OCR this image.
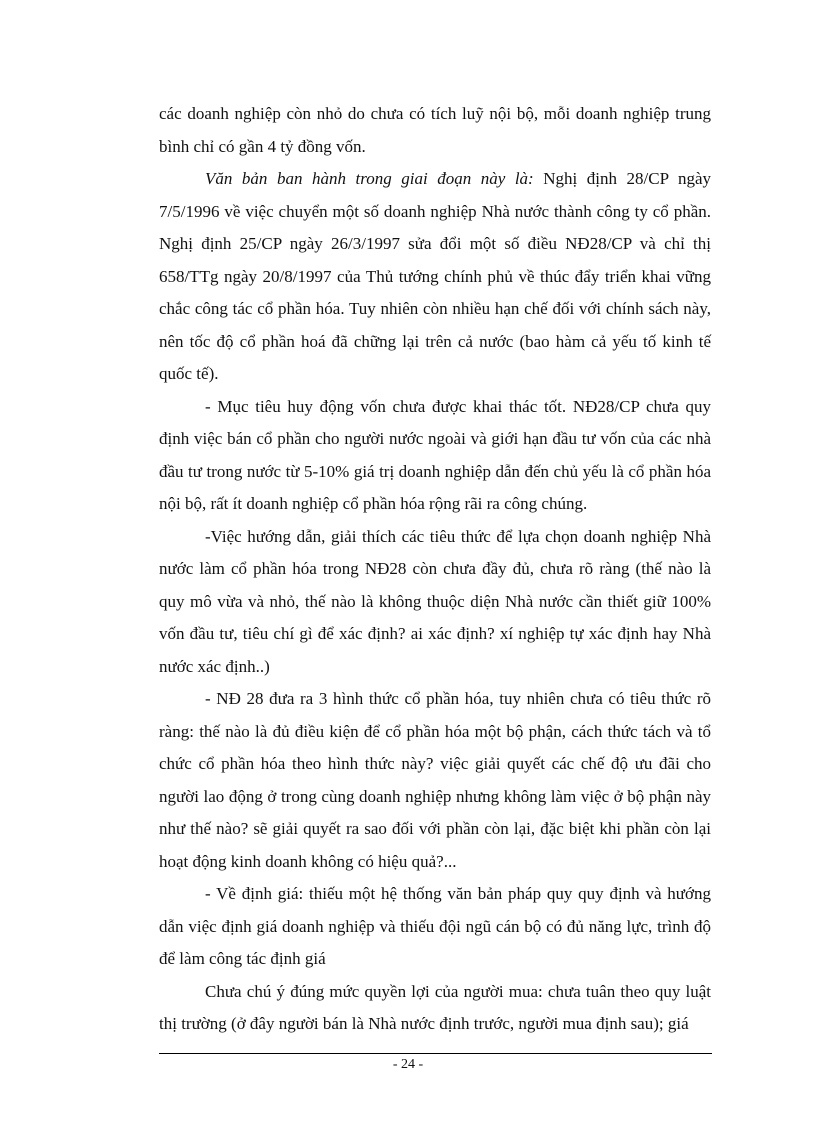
các doanh nghiệp còn nhỏ do chưa có tích luỹ nội bộ, mỗi doanh nghiệp trung bình chỉ có gần 4 tỷ đồng vốn.

Văn bản ban hành trong giai đoạn này là: Nghị định 28/CP ngày 7/5/1996 về việc chuyển một số doanh nghiệp Nhà nước thành công ty cổ phần. Nghị định 25/CP ngày 26/3/1997 sửa đổi một số điều NĐ28/CP và chỉ thị 658/TTg ngày 20/8/1997 của Thủ tướng chính phủ về thúc đẩy triển khai vững chắc công tác cổ phần hóa. Tuy nhiên còn nhiều hạn chế đối với chính sách này, nên tốc độ cổ phần hoá đã chững lại trên cả nước (bao hàm cả yếu tố kinh tế quốc tế).

- Mục tiêu huy động vốn chưa được khai thác tốt. NĐ28/CP chưa quy định việc bán cổ phần cho người nước ngoài và giới hạn đầu tư vốn của các nhà đầu tư trong nước từ 5-10% giá trị doanh nghiệp dẫn đến chủ yếu là cổ phần hóa nội bộ, rất ít doanh nghiệp cổ phần hóa rộng rãi ra công chúng.

-Việc hướng dẫn, giải thích các tiêu thức để lựa chọn doanh nghiệp Nhà nước làm cổ phần hóa trong NĐ28 còn chưa đầy đủ, chưa rõ ràng (thế nào là quy mô vừa và nhỏ, thế nào là không thuộc diện Nhà nước cần thiết giữ 100% vốn đầu tư, tiêu chí gì để xác định? ai xác định? xí nghiệp tự xác định hay Nhà nước xác định..)

- NĐ 28 đưa ra 3 hình thức cổ phần hóa, tuy nhiên chưa có tiêu thức rõ ràng: thế nào là đủ điều kiện để cổ phần hóa một bộ phận, cách thức tách và tổ chức cổ phần hóa theo hình thức này? việc giải quyết các chế độ ưu đãi cho người lao động ở trong cùng doanh nghiệp nhưng không làm việc ở bộ phận này như thế nào? sẽ giải quyết ra sao đối với phần còn lại, đặc biệt khi phần còn lại hoạt động kinh doanh không có hiệu quả?...

- Về định giá: thiếu một hệ thống văn bản pháp quy quy định và hướng dẫn việc định giá doanh nghiệp và thiếu đội ngũ cán bộ có đủ năng lực, trình độ để làm công tác định giá

Chưa chú ý đúng mức quyền lợi của người mua: chưa tuân theo quy luật thị trường (ở đây người bán là Nhà nước định trước, người mua định sau); giá

- 24 -
